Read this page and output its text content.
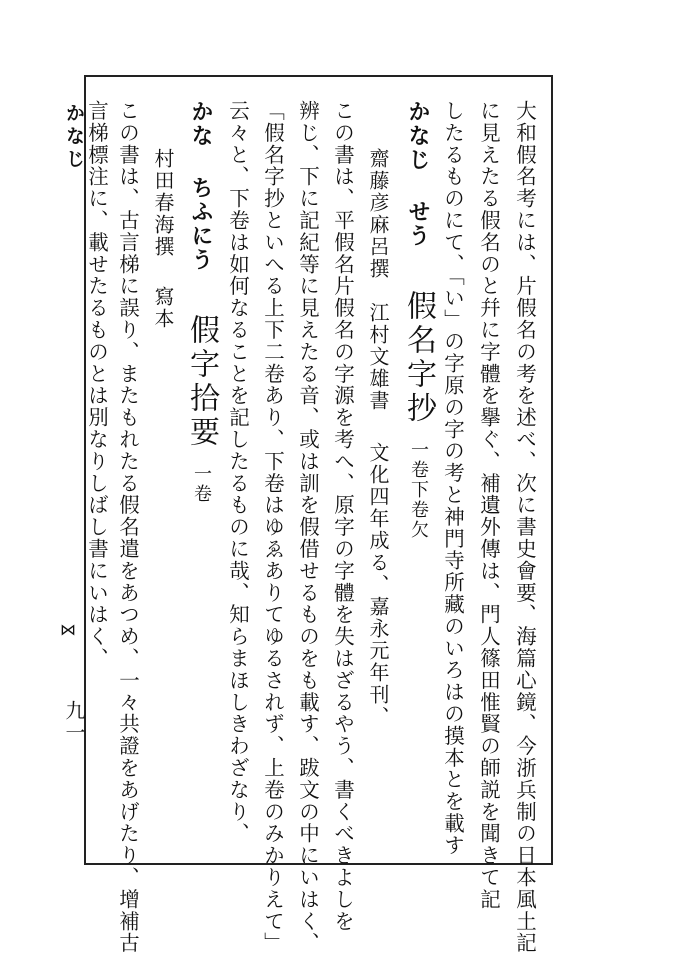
かなじ
九一
⋈	大和假名考には、片假名の考を述べ、次に書史會要、海篇心鏡、今浙兵制の日本風土記
に見えたる假名のと幷に字體を擧ぐ、補遺外傳は、門人篠田惟賢の師説を聞きて記
したるものにて、「い」の字原の字の考と神門寺所藏のいろはの摸本とを載す
かなじ せう假名字抄一卷下卷欠
齋藤彦麻呂撰江村文雄書文化四年成る、嘉永元年刊、
この書は、平假名片假名の字源を考へ、原字の字體を失はざるやう、書くべきよしを
辨じ、下に記紀等に見えたる音、或は訓を假借せるものをも載す、跋文の中にいはく、
「假名字抄といへる上下二卷あり、下卷はゆゑありてゆるされず、上卷のみかりえて」
云々と、下卷は如何なることを記したるものに哉、知らまほしきわざなり、
かな ちふにう假字拾要一卷
村田春海撰寫本
この書は、古言梯に誤り、またもれたる假名遣をあつめ、一々共證をあげたり、增補古
言梯標注に、載せたるものとは別なりしばし書にいはく、
